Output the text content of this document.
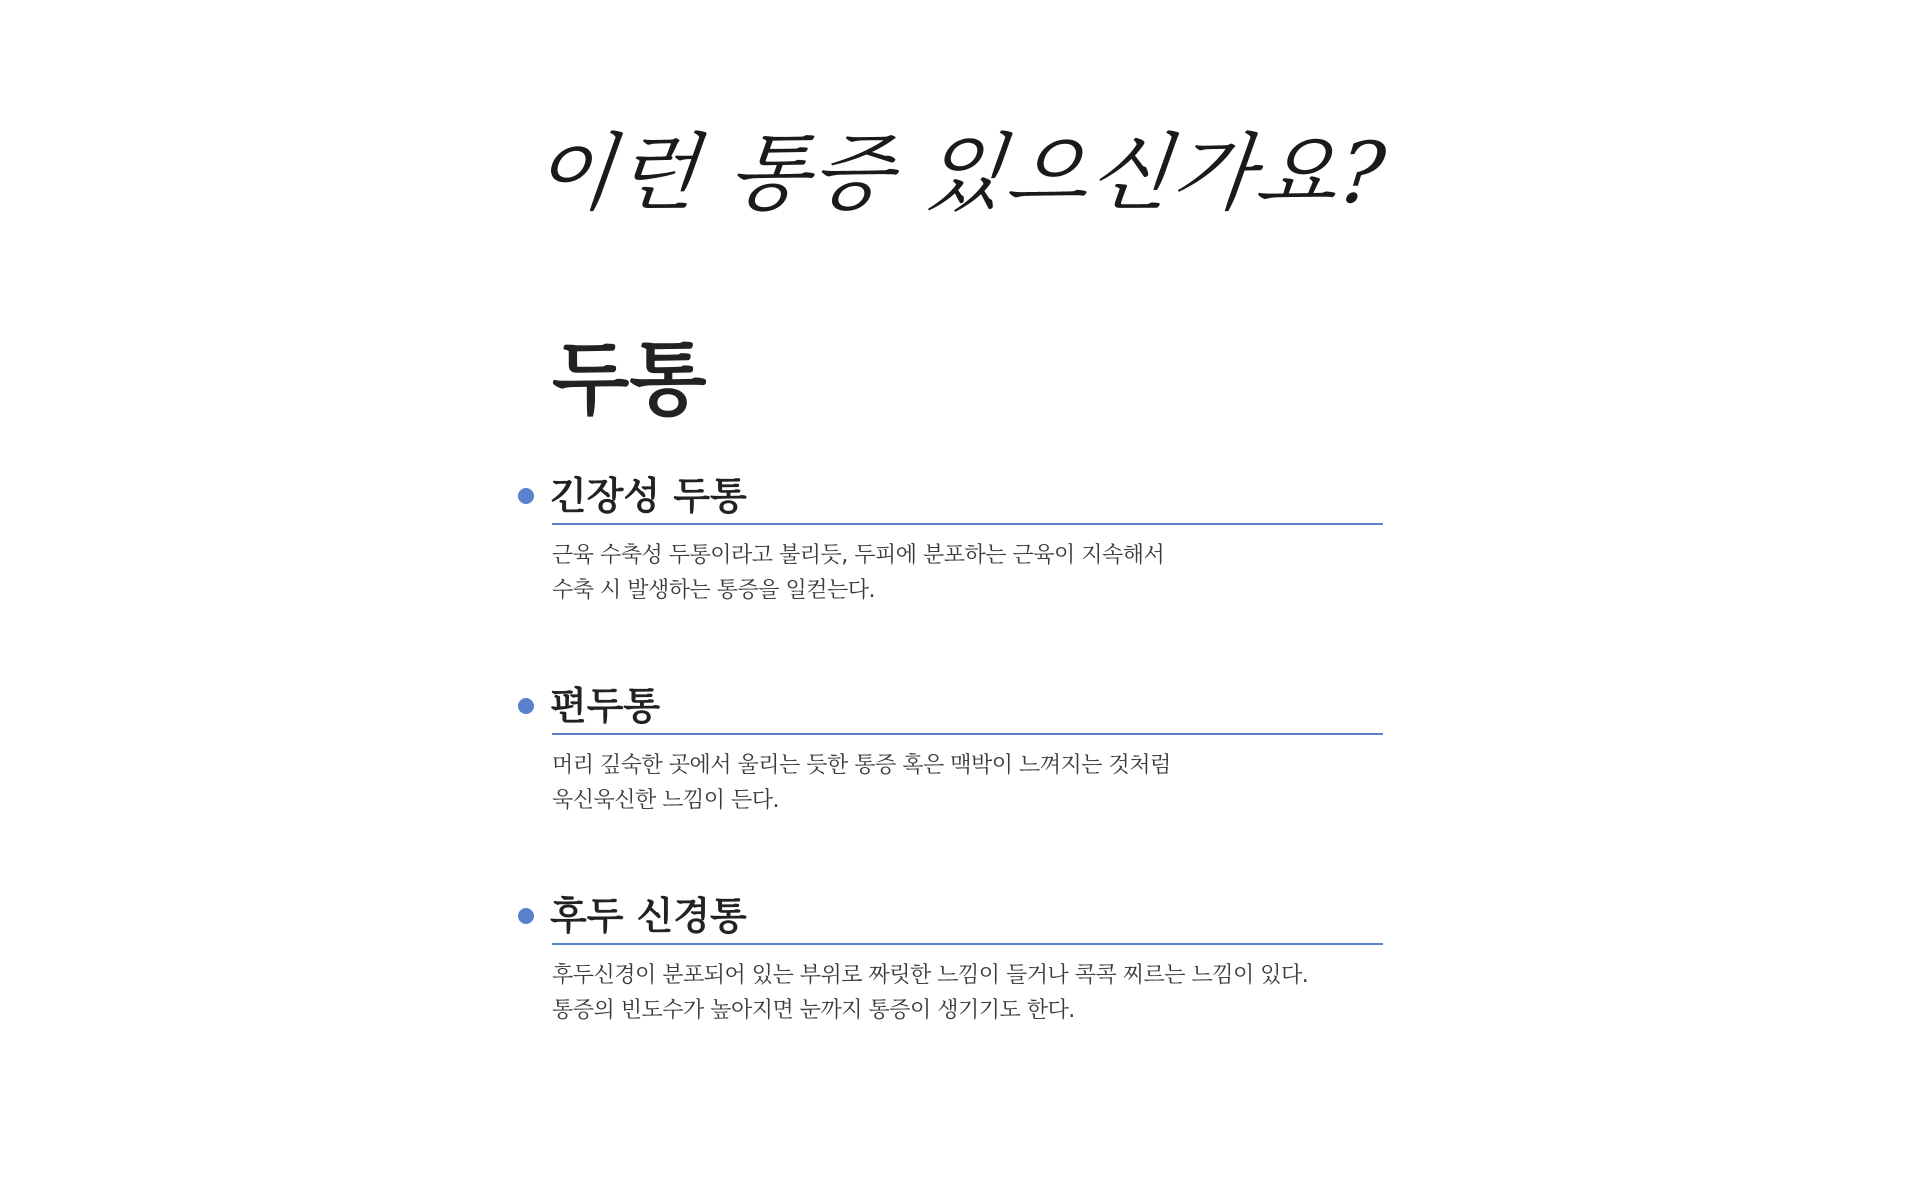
이런 통증 있으신가요?
두통
긴장성 두통

근육 수축성 두통이라고 불리듯, 두피에 분포하는 근육이 지속해서
수축 시 발생하는 통증을 일컫는다.

편두통

머리 깊숙한 곳에서 울리는 듯한 통증 혹은 맥박이 느껴지는 것처럼
욱신욱신한 느낌이 든다.

후두 신경통

후두신경이 분포되어 있는 부위로 짜릿한 느낌이 들거나 콕콕 찌르는 느낌이 있다.
통증의 빈도수가 높아지면 눈까지 통증이 생기기도 한다.
